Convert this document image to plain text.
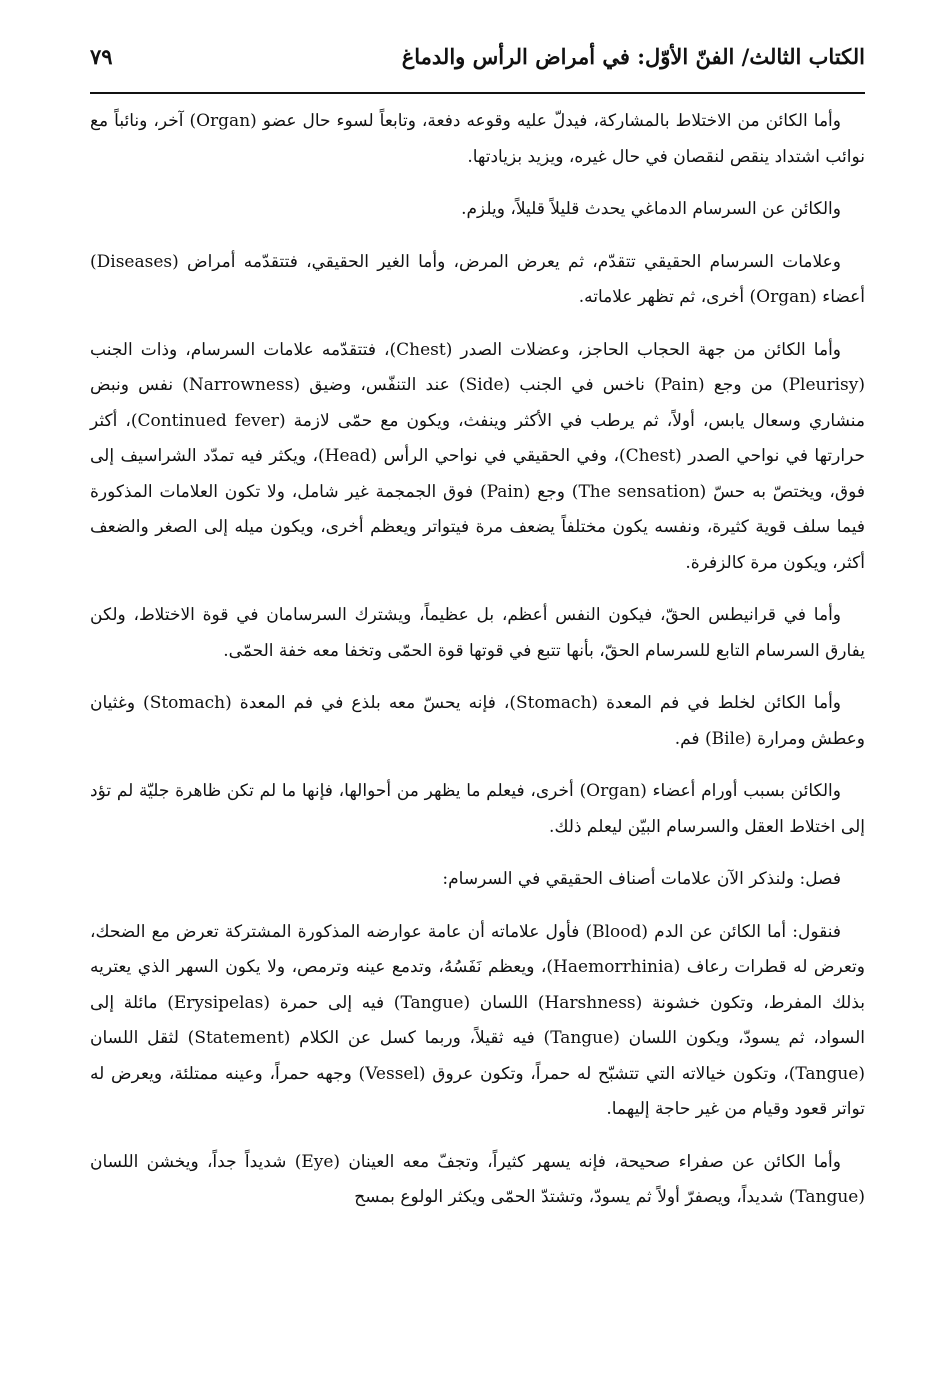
الكتاب الثالث/ الفنّ الأوّل: في أمراض الرأس والدماغ
٧٩

وأما الكائن من الاختلاط بالمشاركة، فيدلّ عليه وقوعه دفعة، وتابعاً لسوء حال عضو (Organ) آخر، ونائباً مع نوائب اشتداد ينقص لنقصان في حال غيره، ويزيد بزيادتها.

والكائن عن السرسام الدماغي يحدث قليلاً قليلاً، ويلزم.

وعلامات السرسام الحقيقي تتقدّم، ثم يعرض المرض، وأما الغير الحقيقي، فتتقدّمه أمراض (Diseases) أعضاء (Organ) أخرى، ثم تظهر علاماته.

وأما الكائن من جهة الحجاب الحاجز، وعضلات الصدر (Chest)، فتتقدّمه علامات السرسام، وذات الجنب (Pleurisy) من وجع (Pain) ناخس في الجنب (Side) عند التنفّس، وضيق (Narrowness) نفس ونبض منشاري وسعال يابس، أولاً، ثم يرطب في الأكثر وينفث، ويكون مع حمّى لازمة (Continued fever)، أكثر حرارتها في نواحي الصدر (Chest)، وفي الحقيقي في نواحي الرأس (Head)، ويكثر فيه تمدّد الشراسيف إلى فوق، ويختصّ به حسّ (The sensation) وجع (Pain) فوق الجمجمة غير شامل، ولا تكون العلامات المذكورة فيما سلف قوية كثيرة، ونفسه يكون مختلفاً يضعف مرة فيتواتر ويعظم أخرى، ويكون ميله إلى الصغر والضعف أكثر، ويكون مرة كالزفرة.

وأما في قرانيطس الحقّ، فيكون النفس أعظم، بل عظيماً، ويشترك السرسامان في قوة الاختلاط، ولكن يفارق السرسام التابع للسرسام الحقّ، بأنها تتبع في قوتها قوة الحمّى وتخفا معه خفة الحمّى.

وأما الكائن لخلط في فم المعدة (Stomach)، فإنه يحسّ معه بلذع في فم المعدة (Stomach) وغثيان وعطش ومرارة (Bile) فم.

والكائن بسبب أورام أعضاء (Organ) أخرى، فيعلم ما يظهر من أحوالها، فإنها ما لم تكن ظاهرة جليّة لم تؤد إلى اختلاط العقل والسرسام البيّن ليعلم ذلك.

فصل: ولنذكر الآن علامات أصناف الحقيقي في السرسام:

فنقول: أما الكائن عن الدم (Blood) فأول علاماته أن عامة عوارضه المذكورة المشتركة تعرض مع الضحك، وتعرض له قطرات رعاف (Haemorrhinia)، ويعظم نَفَسُهُ، وتدمع عينه وترمص، ولا يكون السهر الذي يعتريه بذلك المفرط، وتكون خشونة (Harshness) اللسان (Tangue) فيه إلى حمرة (Erysipelas) مائلة إلى السواد، ثم يسودّ، ويكون اللسان (Tangue) فيه ثقيلاً، وربما كسل عن الكلام (Statement) لثقل اللسان (Tangue)، وتكون خيالاته التي تتشبّح له حمراً، وتكون عروق (Vessel) وجهه حمراً، وعينه ممتلئة، ويعرض له تواتر قعود وقيام من غير حاجة إليهما.

وأما الكائن عن صفراء صحيحة، فإنه يسهر كثيراً، وتجفّ معه العينان (Eye) شديداً جداً، ويخشن اللسان (Tangue) شديداً، ويصفرّ أولاً ثم يسودّ، وتشتدّ الحمّى ويكثر الولوع بمسح
